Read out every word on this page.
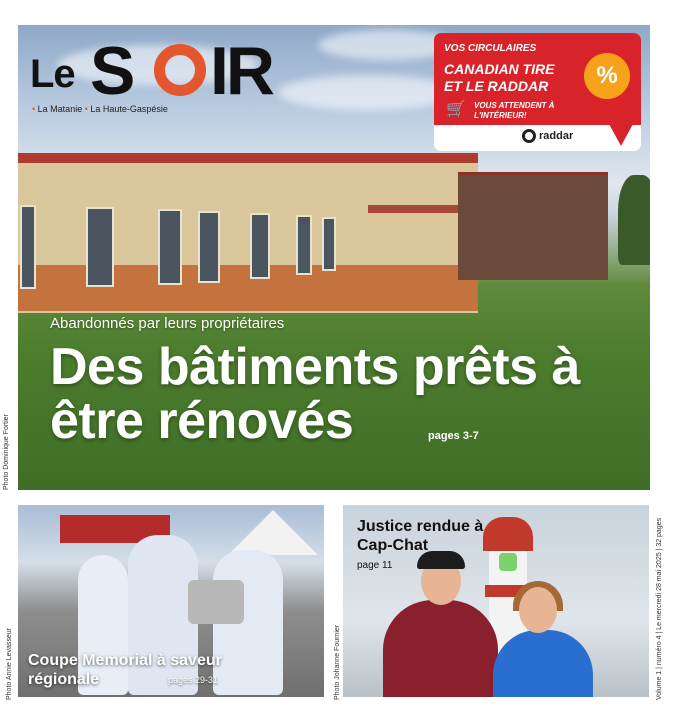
Le S IR
• La Matanie • La Haute-Gaspésie
VOS CIRCULAIRES
CANADIAN TIRE
ET LE RADDAR
🛒 VOUS ATTENDENT À L'INTÉRIEUR!
%
raddar
Abandonnés par leurs propriétaires
Des bâtiments prêts à être rénovés	pages 3-7
Photo Dominique Fortier
Coupe Memorial à saveur régionale	pages 29-31
Photo Annie Levasseur
Justice rendue à Cap-Chat
page 11
Photo Johanne Fournier	Volume 1 | numéro 4 | Le mercredi 28 mai 2025 | 32 pages
